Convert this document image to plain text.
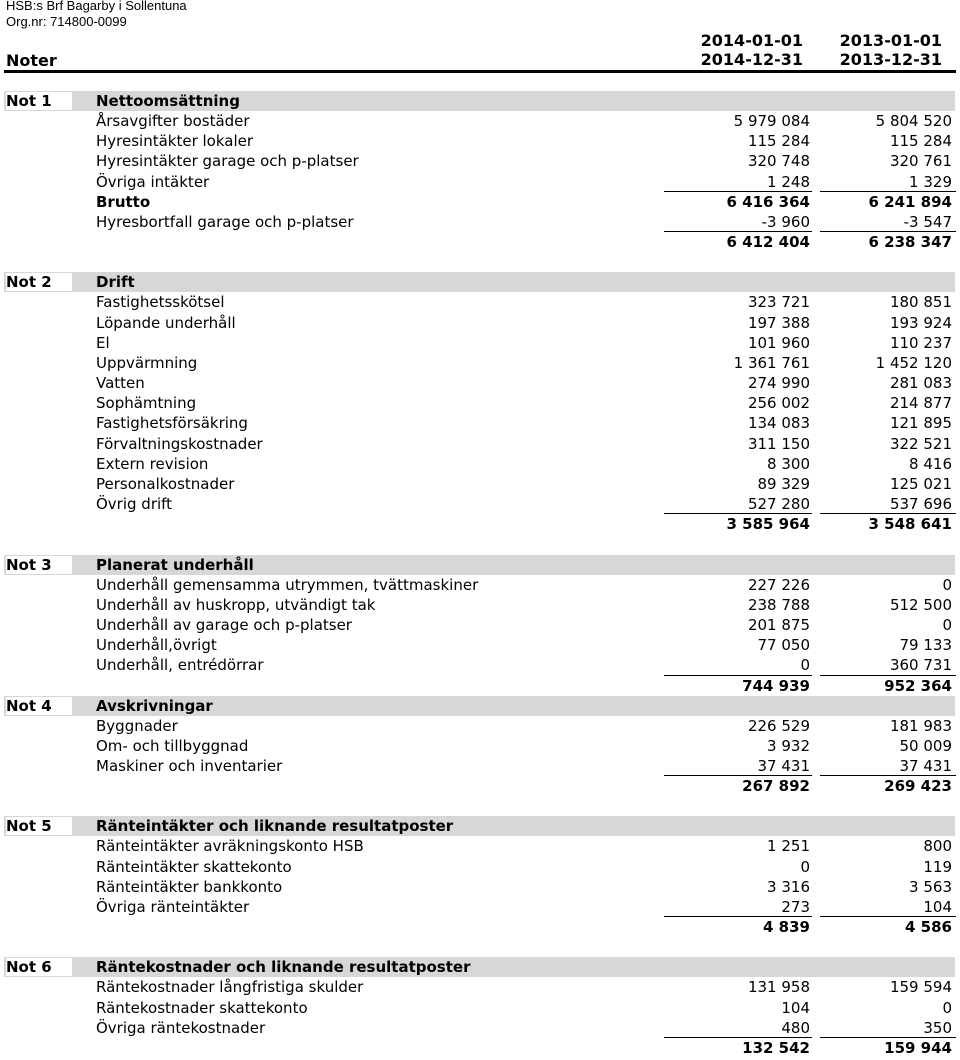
HSB:s Brf Bagarby i Sollentuna
Org.nr: 714800-0099
2014-01-01
2014-12-31
2013-01-01
2013-12-31
Noter
Not 1	Nettoomsättning
Årsavgifter bostäder	5 979 084	5 804 520
Hyresintäkter lokaler	115 284	115 284
Hyresintäkter garage och p-platser	320 748	320 761
Övriga intäkter	1 248	1 329
Brutto	6 416 364	6 241 894
Hyresbortfall garage och p-platser	-3 960	-3 547
6 412 404	6 238 347
Not 2	Drift
Fastighetsskötsel	323 721	180 851
Löpande underhåll	197 388	193 924
El	101 960	110 237
Uppvärmning	1 361 761	1 452 120
Vatten	274 990	281 083
Sophämtning	256 002	214 877
Fastighetsförsäkring	134 083	121 895
Förvaltningskostnader	311 150	322 521
Extern revision	8 300	8 416
Personalkostnader	89 329	125 021
Övrig drift	527 280	537 696
3 585 964	3 548 641
Not 3	Planerat underhåll
Underhåll gemensamma utrymmen, tvättmaskiner	227 226	0
Underhåll av huskropp, utvändigt tak	238 788	512 500
Underhåll av garage och p-platser	201 875	0
Underhåll,övrigt	77 050	79 133
Underhåll, entrédörrar	0	360 731
744 939	952 364
Not 4	Avskrivningar
Byggnader	226 529	181 983
Om- och tillbyggnad	3 932	50 009
Maskiner och inventarier	37 431	37 431
267 892	269 423
Not 5	Ränteintäkter och liknande resultatposter
Ränteintäkter avräkningskonto HSB	1 251	800
Ränteintäkter skattekonto	0	119
Ränteintäkter bankkonto	3 316	3 563
Övriga ränteintäkter	273	104
4 839	4 586
Not 6	Räntekostnader och liknande resultatposter
Räntekostnader långfristiga skulder	131 958	159 594
Räntekostnader skattekonto	104	0
Övriga räntekostnader	480	350
132 542	159 944
